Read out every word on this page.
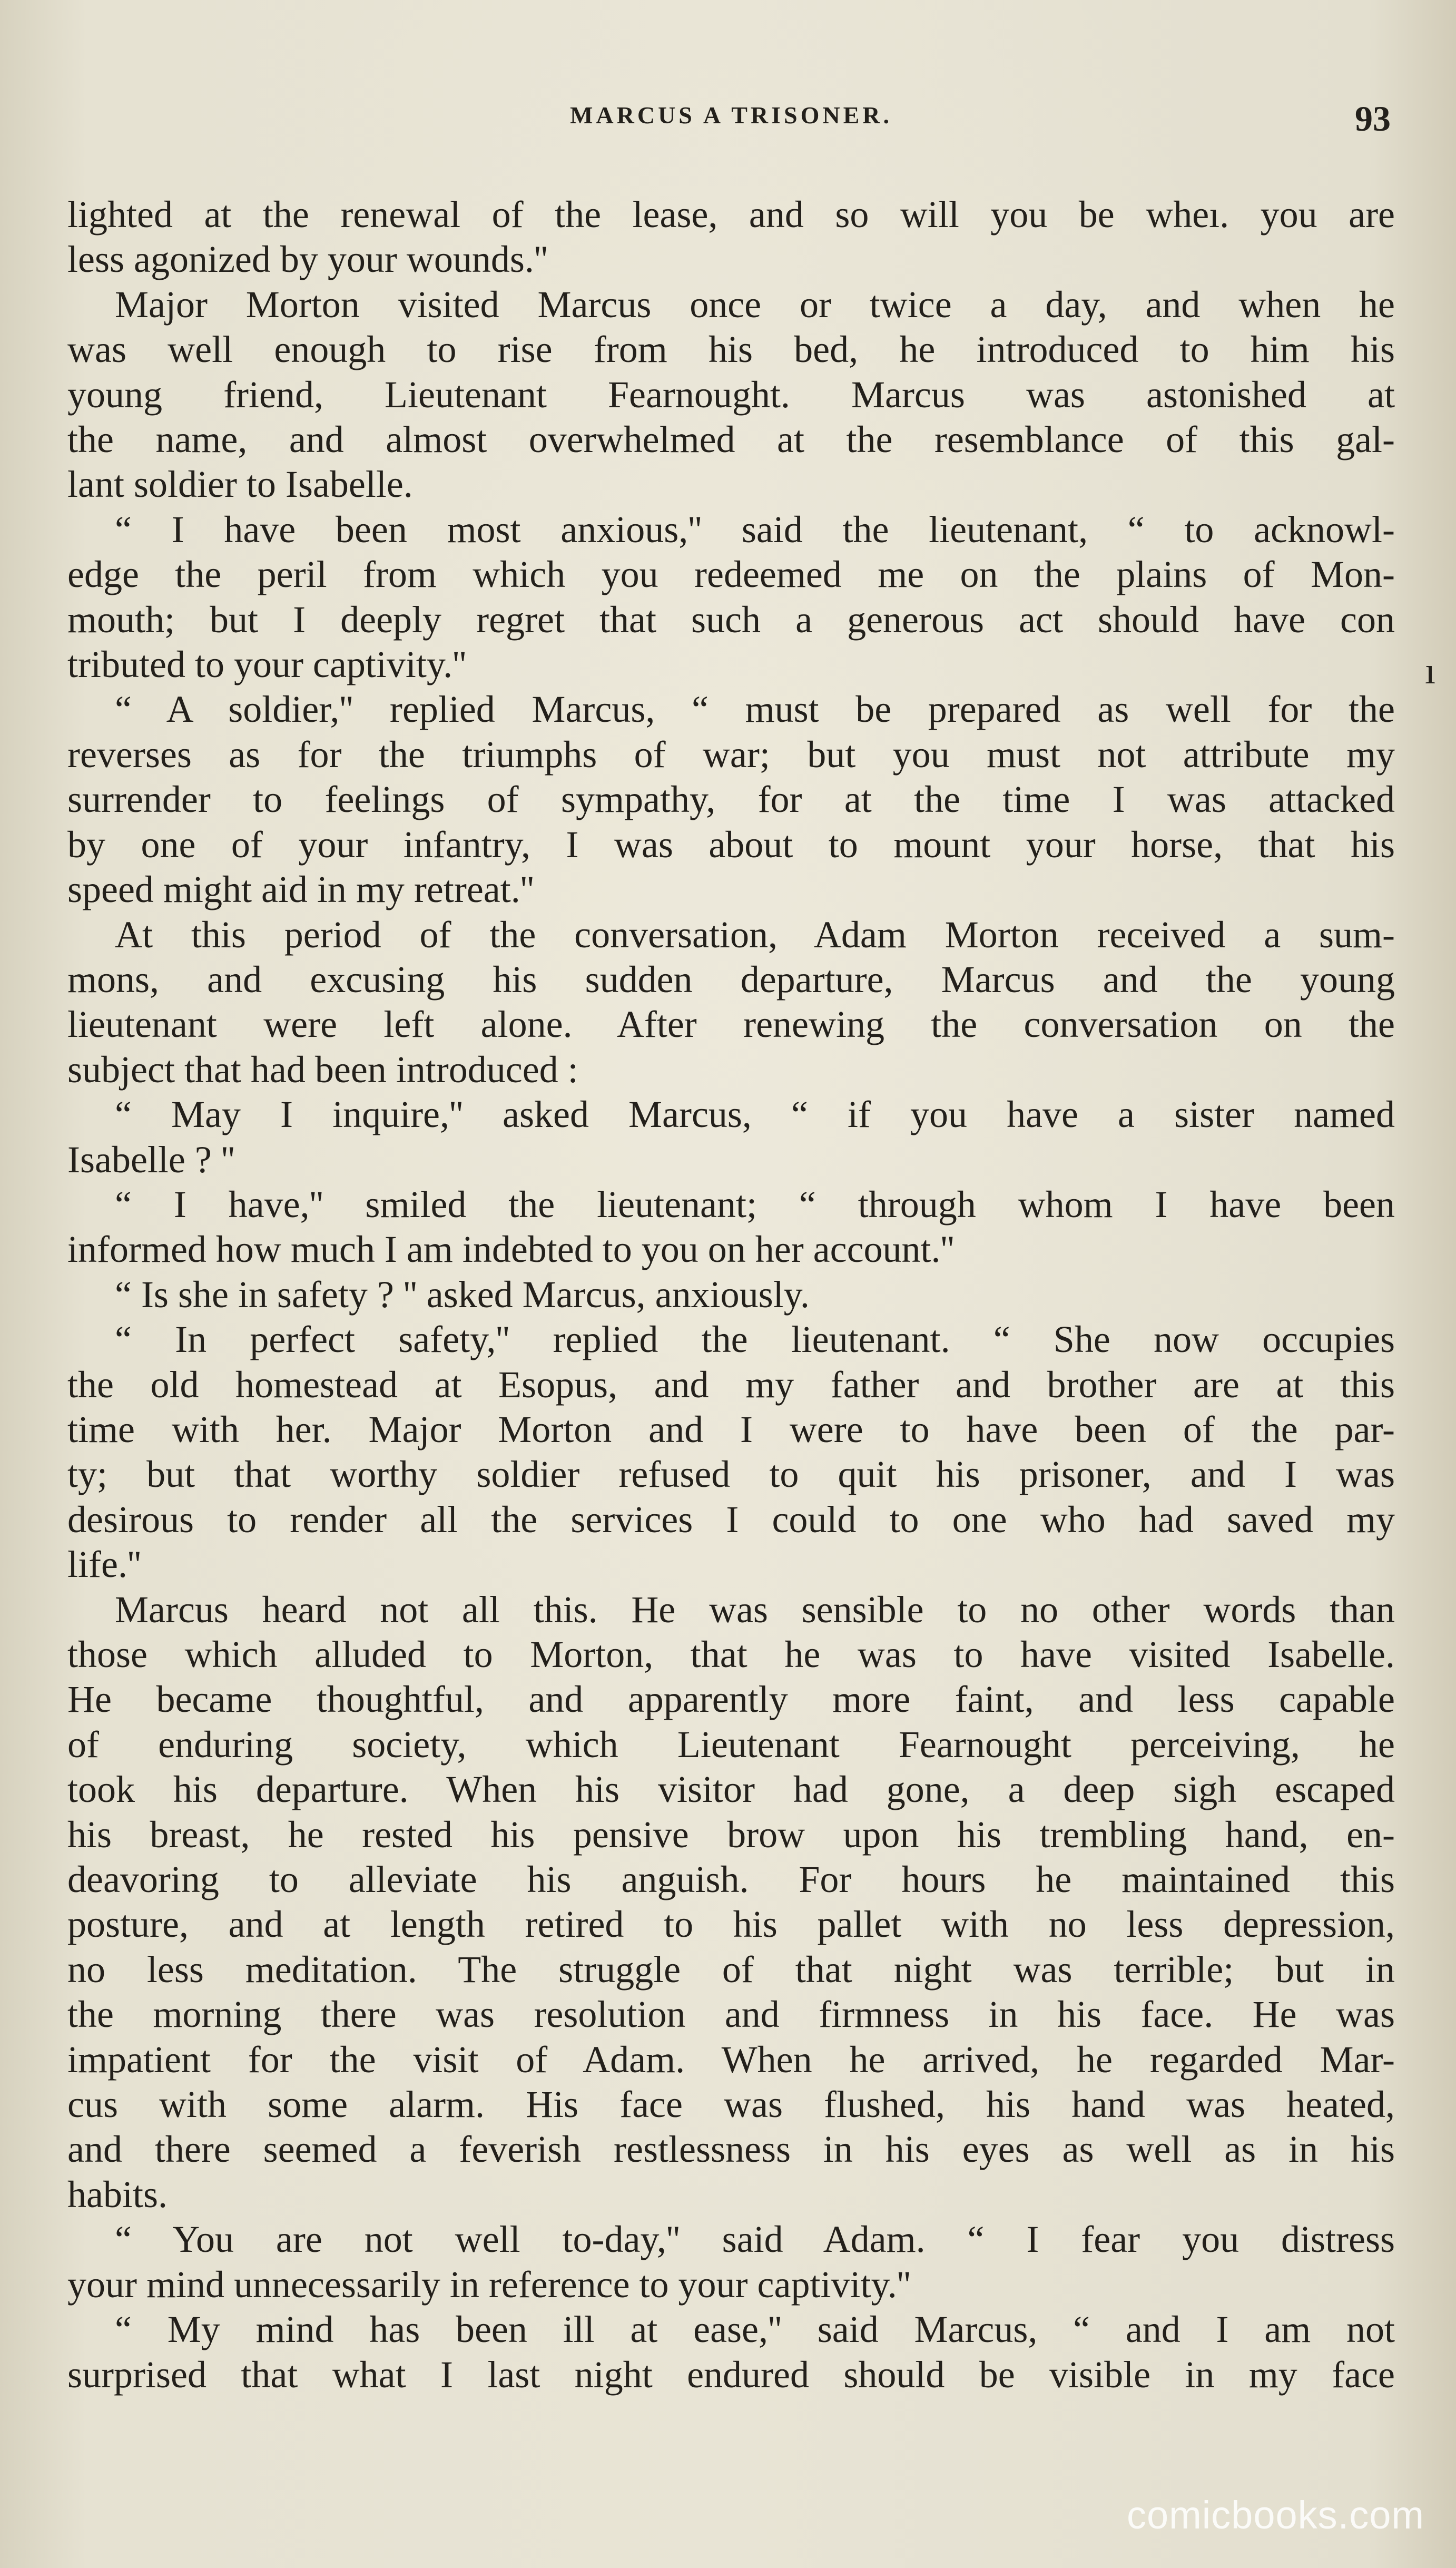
MARCUS A TRISONER.	93
lighted at the renewal of the lease, and so will you be wheı. you are
less agonized by your wounds.''
Major Morton visited Marcus once or twice a day, and when he
was well enough to rise from his bed, he introduced to him his
young friend, Lieutenant Fearnought. Marcus was astonished at
the name, and almost overwhelmed at the resemblance of this gal-
lant soldier to Isabelle.
“ I have been most anxious,'' said the lieutenant, “ to acknowl-
edge the peril from which you redeemed me on the plains of Mon-
mouth; but I deeply regret that such a generous act should have con
tributed to your captivity.''
“ A soldier,'' replied Marcus, “ must be prepared as well for the
reverses as for the triumphs of war; but you must not attribute my
surrender to feelings of sympathy, for at the time I was attacked
by one of your infantry, I was about to mount your horse, that his
speed might aid in my retreat.''
At this period of the conversation, Adam Morton received a sum-
mons, and excusing his sudden departure, Marcus and the young
lieutenant were left alone. After renewing the conversation on the
subject that had been introduced :
“ May I inquire,'' asked Marcus, “ if you have a sister named
Isabelle ? ''
“ I have,'' smiled the lieutenant; “ through whom I have been
informed how much I am indebted to you on her account.''
“ Is she in safety ? '' asked Marcus, anxiously.
“ In perfect safety,'' replied the lieutenant. “ She now occupies
the old homestead at Esopus, and my father and brother are at this
time with her. Major Morton and I were to have been of the par-
ty; but that worthy soldier refused to quit his prisoner, and I was
desirous to render all the services I could to one who had saved my
life.''
Marcus heard not all this. He was sensible to no other words than
those which alluded to Morton, that he was to have visited Isabelle.
He became thoughtful, and apparently more faint, and less capable
of enduring society, which Lieutenant Fearnought perceiving, he
took his departure. When his visitor had gone, a deep sigh escaped
his breast, he rested his pensive brow upon his trembling hand, en-
deavoring to alleviate his anguish. For hours he maintained this
posture, and at length retired to his pallet with no less depression,
no less meditation. The struggle of that night was terrible; but in
the morning there was resolution and firmness in his face. He was
impatient for the visit of Adam. When he arrived, he regarded Mar-
cus with some alarm. His face was flushed, his hand was heated,
and there seemed a feverish restlessness in his eyes as well as in his
habits.
“ You are not well to-day,'' said Adam. “ I fear you distress
your mind unnecessarily in reference to your captivity.''
“ My mind has been ill at ease,'' said Marcus, “ and I am not
surprised that what I last night endured should be visible in my face
ı
comicbooks.com
